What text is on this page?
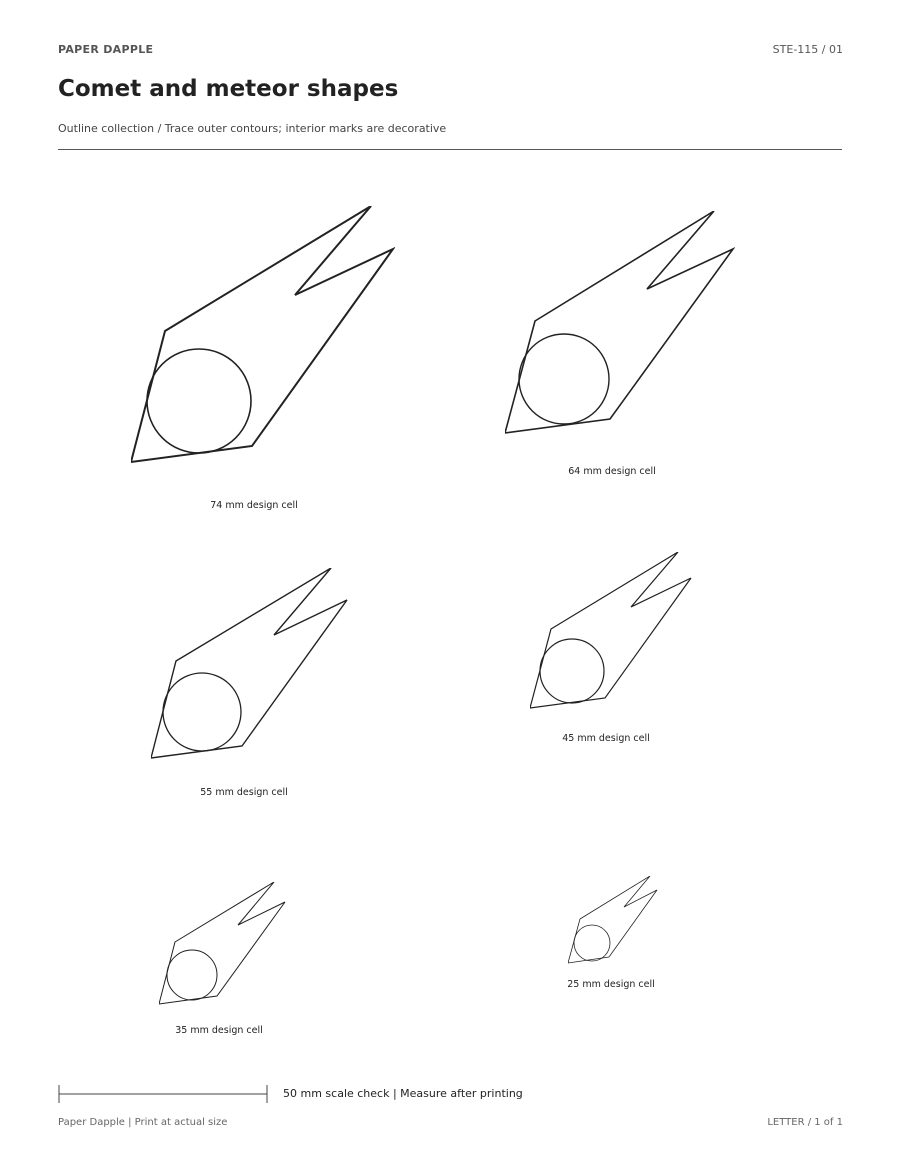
PAPER DAPPLE	STE-115 / 01
Comet and meteor shapes
Outline collection / Trace outer contours; interior marks are decorative
74 mm design cell
64 mm design cell
55 mm design cell
45 mm design cell
35 mm design cell
25 mm design cell
50 mm scale check | Measure after printing
Paper Dapple | Print at actual size	LETTER / 1 of 1
